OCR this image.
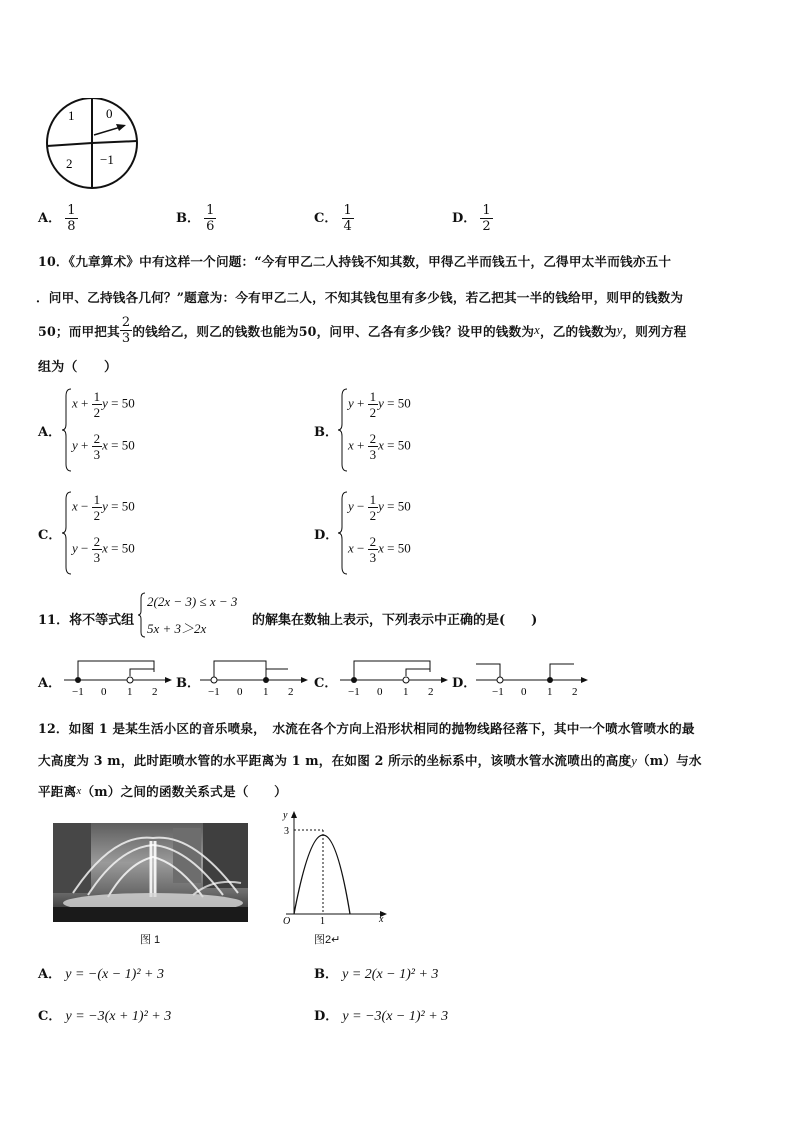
1 0
2 −1
A． $\frac{1}{8}$	B． $\frac{1}{6}$	C． $\frac{1}{4}$	D． $\frac{1}{2}$
10．《九章算术》中有这样一个问题：“今有甲乙二人持钱不知其数，甲得乙半而钱五十，乙得甲太半而钱亦五十
．问甲、乙持钱各几何？”题意为：今有甲乙二人，不知其钱包里有多少钱，若乙把其一半的钱给甲，则甲的钱数为
50；而甲把其 $\frac{2}{3}$ 的钱给乙，则乙的钱数也能为50，问甲、乙各有多少钱？设甲的钱数为x，乙的钱数为y，则列方程
组为（　　）
A．
$x + \frac{1}{2}$ y = 50
$y + \frac{2}{3}$ x = 50
B．
$y + \frac{1}{2}$ y = 50
$x + \frac{2}{3}$ x = 50
C．
$x - \frac{1}{2}$ y = 50
$y - \frac{2}{3}$ x = 50
D．
$y - \frac{1}{2}$ y = 50
$x - \frac{2}{3}$ x = 50
11．将不等式组
2(2x − 3) ≤ x − 3
5x + 3＞2x
的解集在数轴上表示，下列表示中正确的是(　　)
A．
−1 0 1 2
B．
−1 0 1 2
C．
−1 0 1 2
D．
−1 0 1 2
12．如图 1 是某生活小区的音乐喷泉，　水流在各个方向上沿形状相同的抛物线路径落下，其中一个喷水管喷水的最
大高度为 3 m，此时距喷水管的水平距离为 1 m，在如图 2 所示的坐标系中，该喷水管水流喷出的高度y（m）与水
平距离x（m）之间的函数关系式是（　　）
图 1
y
3
O	1	x
图2↵
A． y = −(x − 1)² + 3	B． y = 2(x − 1)² + 3
C． y = −3(x + 1)² + 3	D． y = −3(x − 1)² + 3
